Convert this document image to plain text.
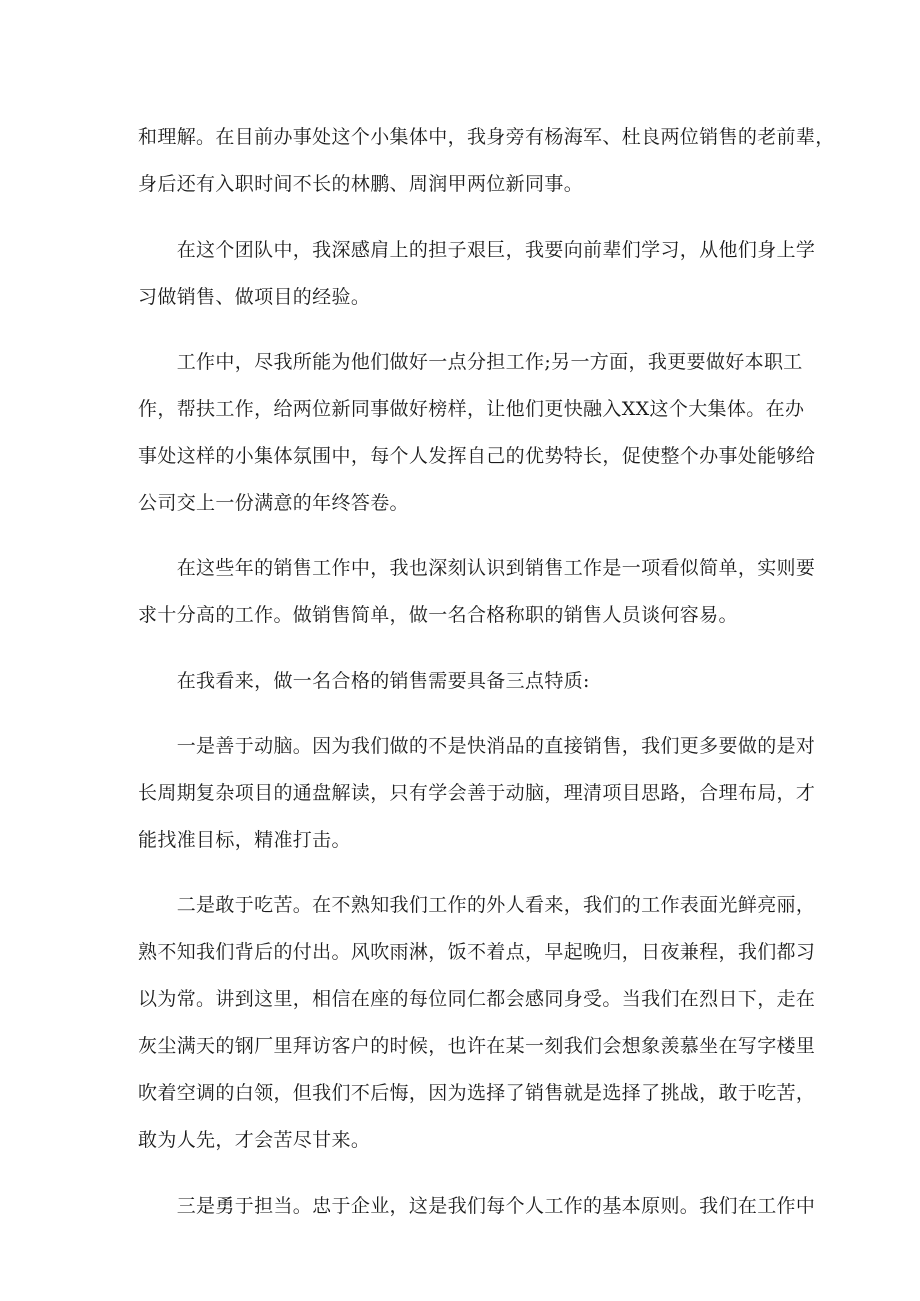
和理解。在目前办事处这个小集体中，我身旁有杨海军、杜良两位销售的老前辈，

身后还有入职时间不长的林鹏、周润甲两位新同事。

　　在这个团队中，我深感肩上的担子艰巨，我要向前辈们学习，从他们身上学

习做销售、做项目的经验。

　　工作中，尽我所能为他们做好一点分担工作;另一方面，我更要做好本职工

作，帮扶工作，给两位新同事做好榜样，让他们更快融入XX这个大集体。在办

事处这样的小集体氛围中，每个人发挥自己的优势特长，促使整个办事处能够给

公司交上一份满意的年终答卷。

　　在这些年的销售工作中，我也深刻认识到销售工作是一项看似简单，实则要

求十分高的工作。做销售简单，做一名合格称职的销售人员谈何容易。

　　在我看来，做一名合格的销售需要具备三点特质:

　　一是善于动脑。因为我们做的不是快消品的直接销售，我们更多要做的是对

长周期复杂项目的通盘解读，只有学会善于动脑，理清项目思路，合理布局，才

能找准目标，精准打击。

　　二是敢于吃苦。在不熟知我们工作的外人看来，我们的工作表面光鲜亮丽，

熟不知我们背后的付出。风吹雨淋，饭不着点，早起晚归，日夜兼程，我们都习

以为常。讲到这里，相信在座的每位同仁都会感同身受。当我们在烈日下，走在

灰尘满天的钢厂里拜访客户的时候，也许在某一刻我们会想象羡慕坐在写字楼里

吹着空调的白领，但我们不后悔，因为选择了销售就是选择了挑战，敢于吃苦，

敢为人先，才会苦尽甘来。

　　三是勇于担当。忠于企业，这是我们每个人工作的基本原则。我们在工作中
